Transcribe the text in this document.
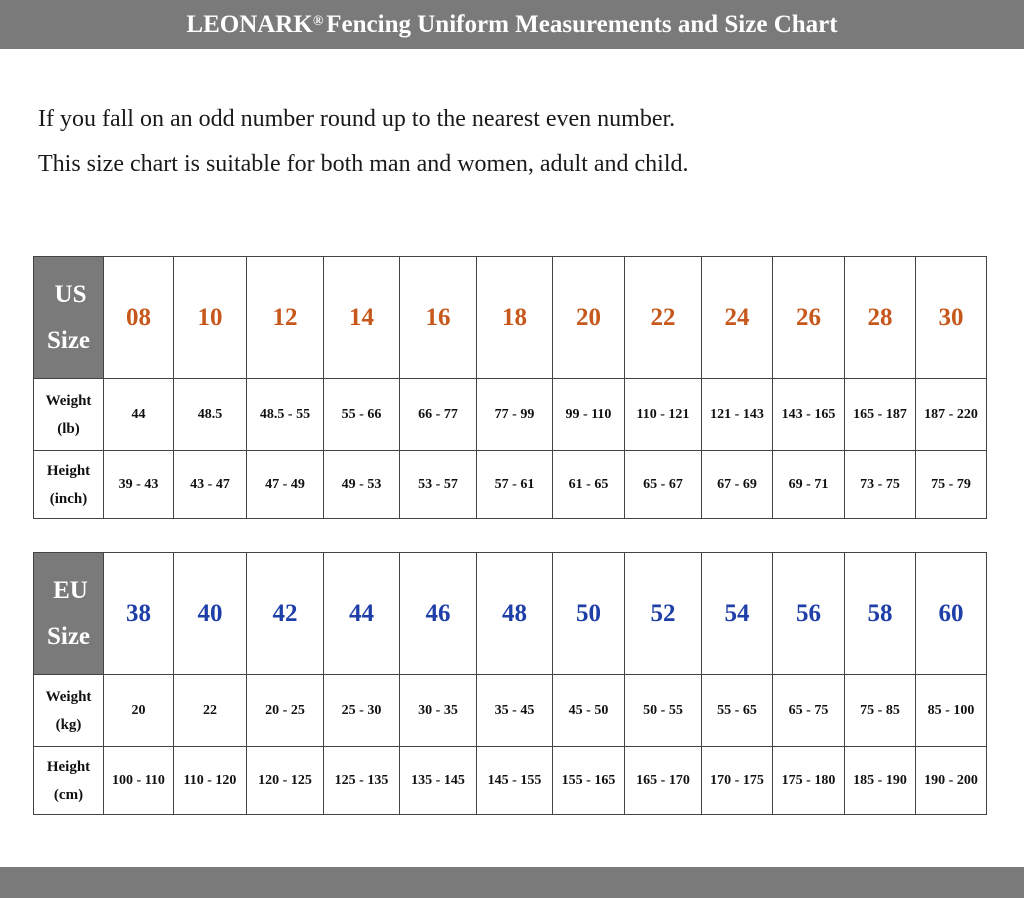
LEONARK® Fencing Uniform Measurements and Size Chart
If you fall on an odd number round up to the nearest even number.
This size chart is suitable for both man and women, adult and child.
US
Size	08	10	12	14	16	18	20	22	24	26	28	30

Weight
(lb)	44	48.5	48.5 - 55	55 - 66	66 - 77	77 - 99	99 - 110	110 - 121	121 - 143	143 - 165	165 - 187	187 - 220

Height
(inch)	39 - 43	43 - 47	47 - 49	49 - 53	53 - 57	57 - 61	61 - 65	65 - 67	67 - 69	69 - 71	73 - 75	75 - 79
EU
Size	38	40	42	44	46	48	50	52	54	56	58	60

Weight
(kg)	20	22	20 - 25	25 - 30	30 - 35	35 - 45	45 - 50	50 - 55	55 - 65	65 - 75	75 - 85	85 - 100

Height
(cm)	100 - 110	110 - 120	120 - 125	125 - 135	135 - 145	145 - 155	155 - 165	165 - 170	170 - 175	175 - 180	185 - 190	190 - 200
